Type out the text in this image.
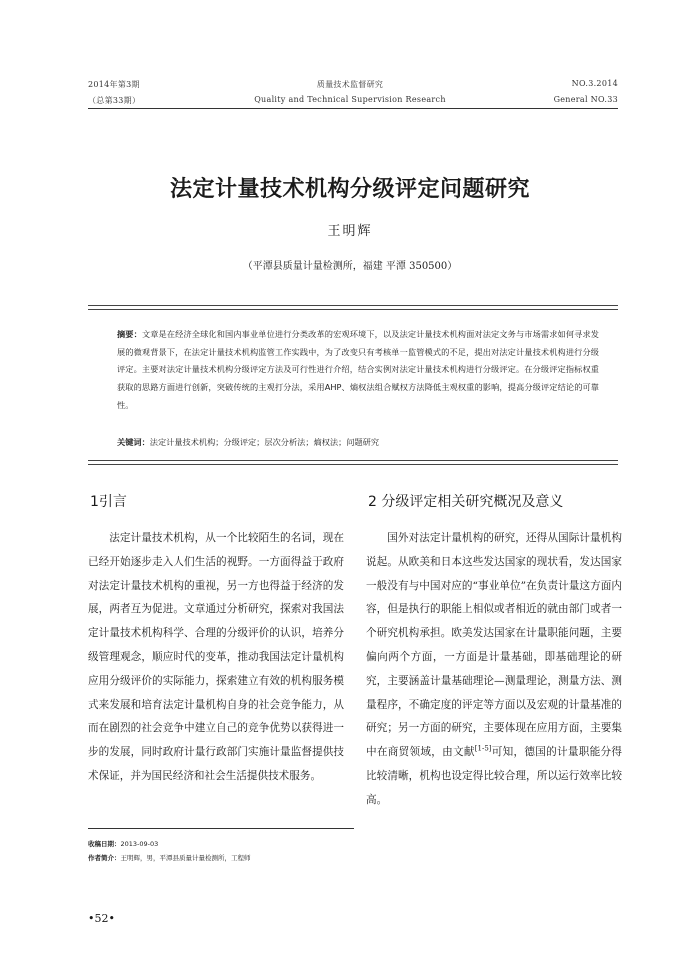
2014年第3期
（总第33期）
质量技术监督研究
Quality and Technical Supervision Research
NO.3.2014
General NO.33
法定计量技术机构分级评定问题研究
王明辉
（平潭县质量计量检测所，福建 平潭 350500）
摘要：文章是在经济全球化和国内事业单位进行分类改革的宏观环境下，以及法定计量技术机构面对法定文务与市场需求如何寻求发展的微观背景下，在法定计量技术机构监管工作实践中，为了改变只有考核单一监管模式的不足，提出对法定计量技术机构进行分级评定。主要对法定计量技术机构分级评定方法及可行性进行介绍，结合实例对法定计量技术机构进行分级评定。在分级评定指标权重获取的思路方面进行创新，突破传统的主观打分法，采用AHP、熵权法组合赋权方法降低主观权重的影响，提高分级评定结论的可靠性。
关键词：法定计量技术机构；分级评定；层次分析法；熵权法；问题研究
1引言	2 分级评定相关研究概况及意义
法定计量技术机构，从一个比较陌生的名词，现在已经开始逐步走入人们生活的视野。一方面得益于政府对法定计量技术机构的重视，另一方也得益于经济的发展，两者互为促进。文章通过分析研究，探索对我国法定计量技术机构科学、合理的分级评价的认识，培养分级管理观念，顺应时代的变革，推动我国法定计量机构应用分级评价的实际能力，探索建立有效的机构服务模式来发展和培育法定计量机构自身的社会竞争能力，从而在剧烈的社会竞争中建立自己的竞争优势以获得进一步的发展，同时政府计量行政部门实施计量监督提供技术保证，并为国民经济和社会生活提供技术服务。
国外对法定计量机构的研究，还得从国际计量机构说起。从欧美和日本这些发达国家的现状看，发达国家一般没有与中国对应的“事业单位”在负责计量这方面内容，但是执行的职能上相似或者相近的就由部门或者一个研究机构承担。欧美发达国家在计量职能问题，主要偏向两个方面，一方面是计量基础，即基础理论的研究，主要涵盖计量基础理论—测量理论，测量方法、测量程序，不确定度的评定等方面以及宏观的计量基准的研究；另一方面的研究，主要体现在应用方面，主要集中在商贸领域，由文献[1-5]可知，德国的计量职能分得比较清晰，机构也设定得比较合理，所以运行效率比较高。
收稿日期：2013-09-03
作者简介：王明辉，男，平潭县质量计量检测所，工程师
•52•
